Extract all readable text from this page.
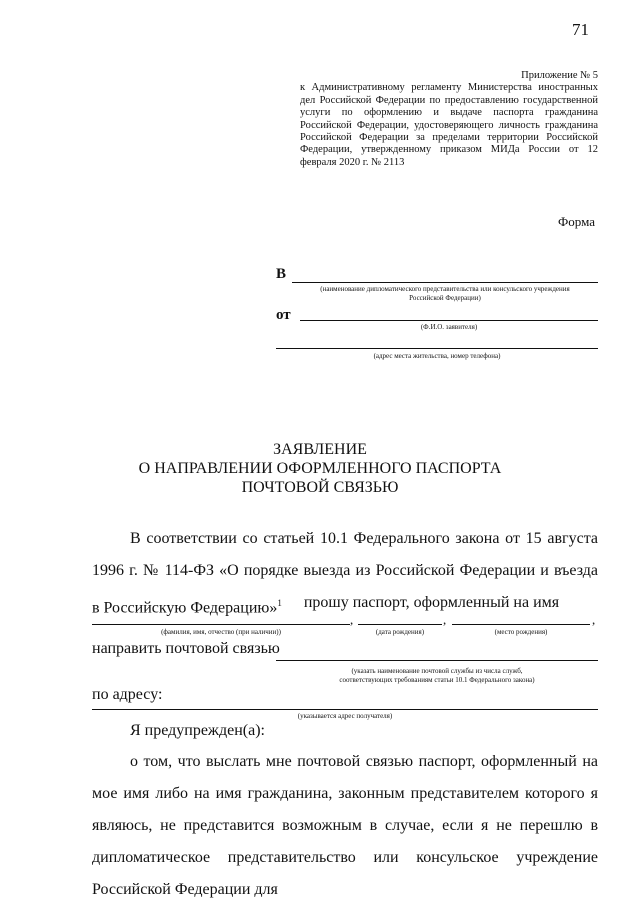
71
Приложение № 5
к Административному регламенту Министерства иностранных дел Российской Федерации по предоставлению государственной услуги по оформлению и выдаче паспорта гражданина Российской Федерации, удостоверяющего личность гражданина Российской Федерации за пределами территории Российской Федерации, утвержденному приказом МИДа России от 12 февраля 2020 г. № 2113
Форма
В
(наименование дипломатического представительства или консульского учреждения
Российской Федерации)
от
(Ф.И.О. заявителя)
(адрес места жительства, номер телефона)
ЗАЯВЛЕНИЕ
О НАПРАВЛЕНИИ ОФОРМЛЕННОГО ПАСПОРТА
ПОЧТОВОЙ СВЯЗЬЮ
В соответствии со статьей 10.1 Федерального закона от 15 августа
1996 г. № 114-ФЗ «О порядке выезда из Российской Федерации и въезда
в Российскую Федерацию»$^1$ прошу паспорт, оформленный на имя
,	,	,
(фамилия, имя, отчество (при наличии))	(дата рождения)	(место рождения)
направить почтовой связью
(указать наименование почтовой службы из числа служб,
соответствующих требованиям статьи 10.1 Федерального закона)
по адресу:
(указывается адрес получателя)
Я предупрежден(а):
о том, что выслать мне почтовой связью паспорт, оформленный на мое имя либо на имя гражданина, законным представителем которого я являюсь, не представится возможным в случае, если я не перешлю в дипломатическое представительство или консульское учреждение Российской Федерации для
